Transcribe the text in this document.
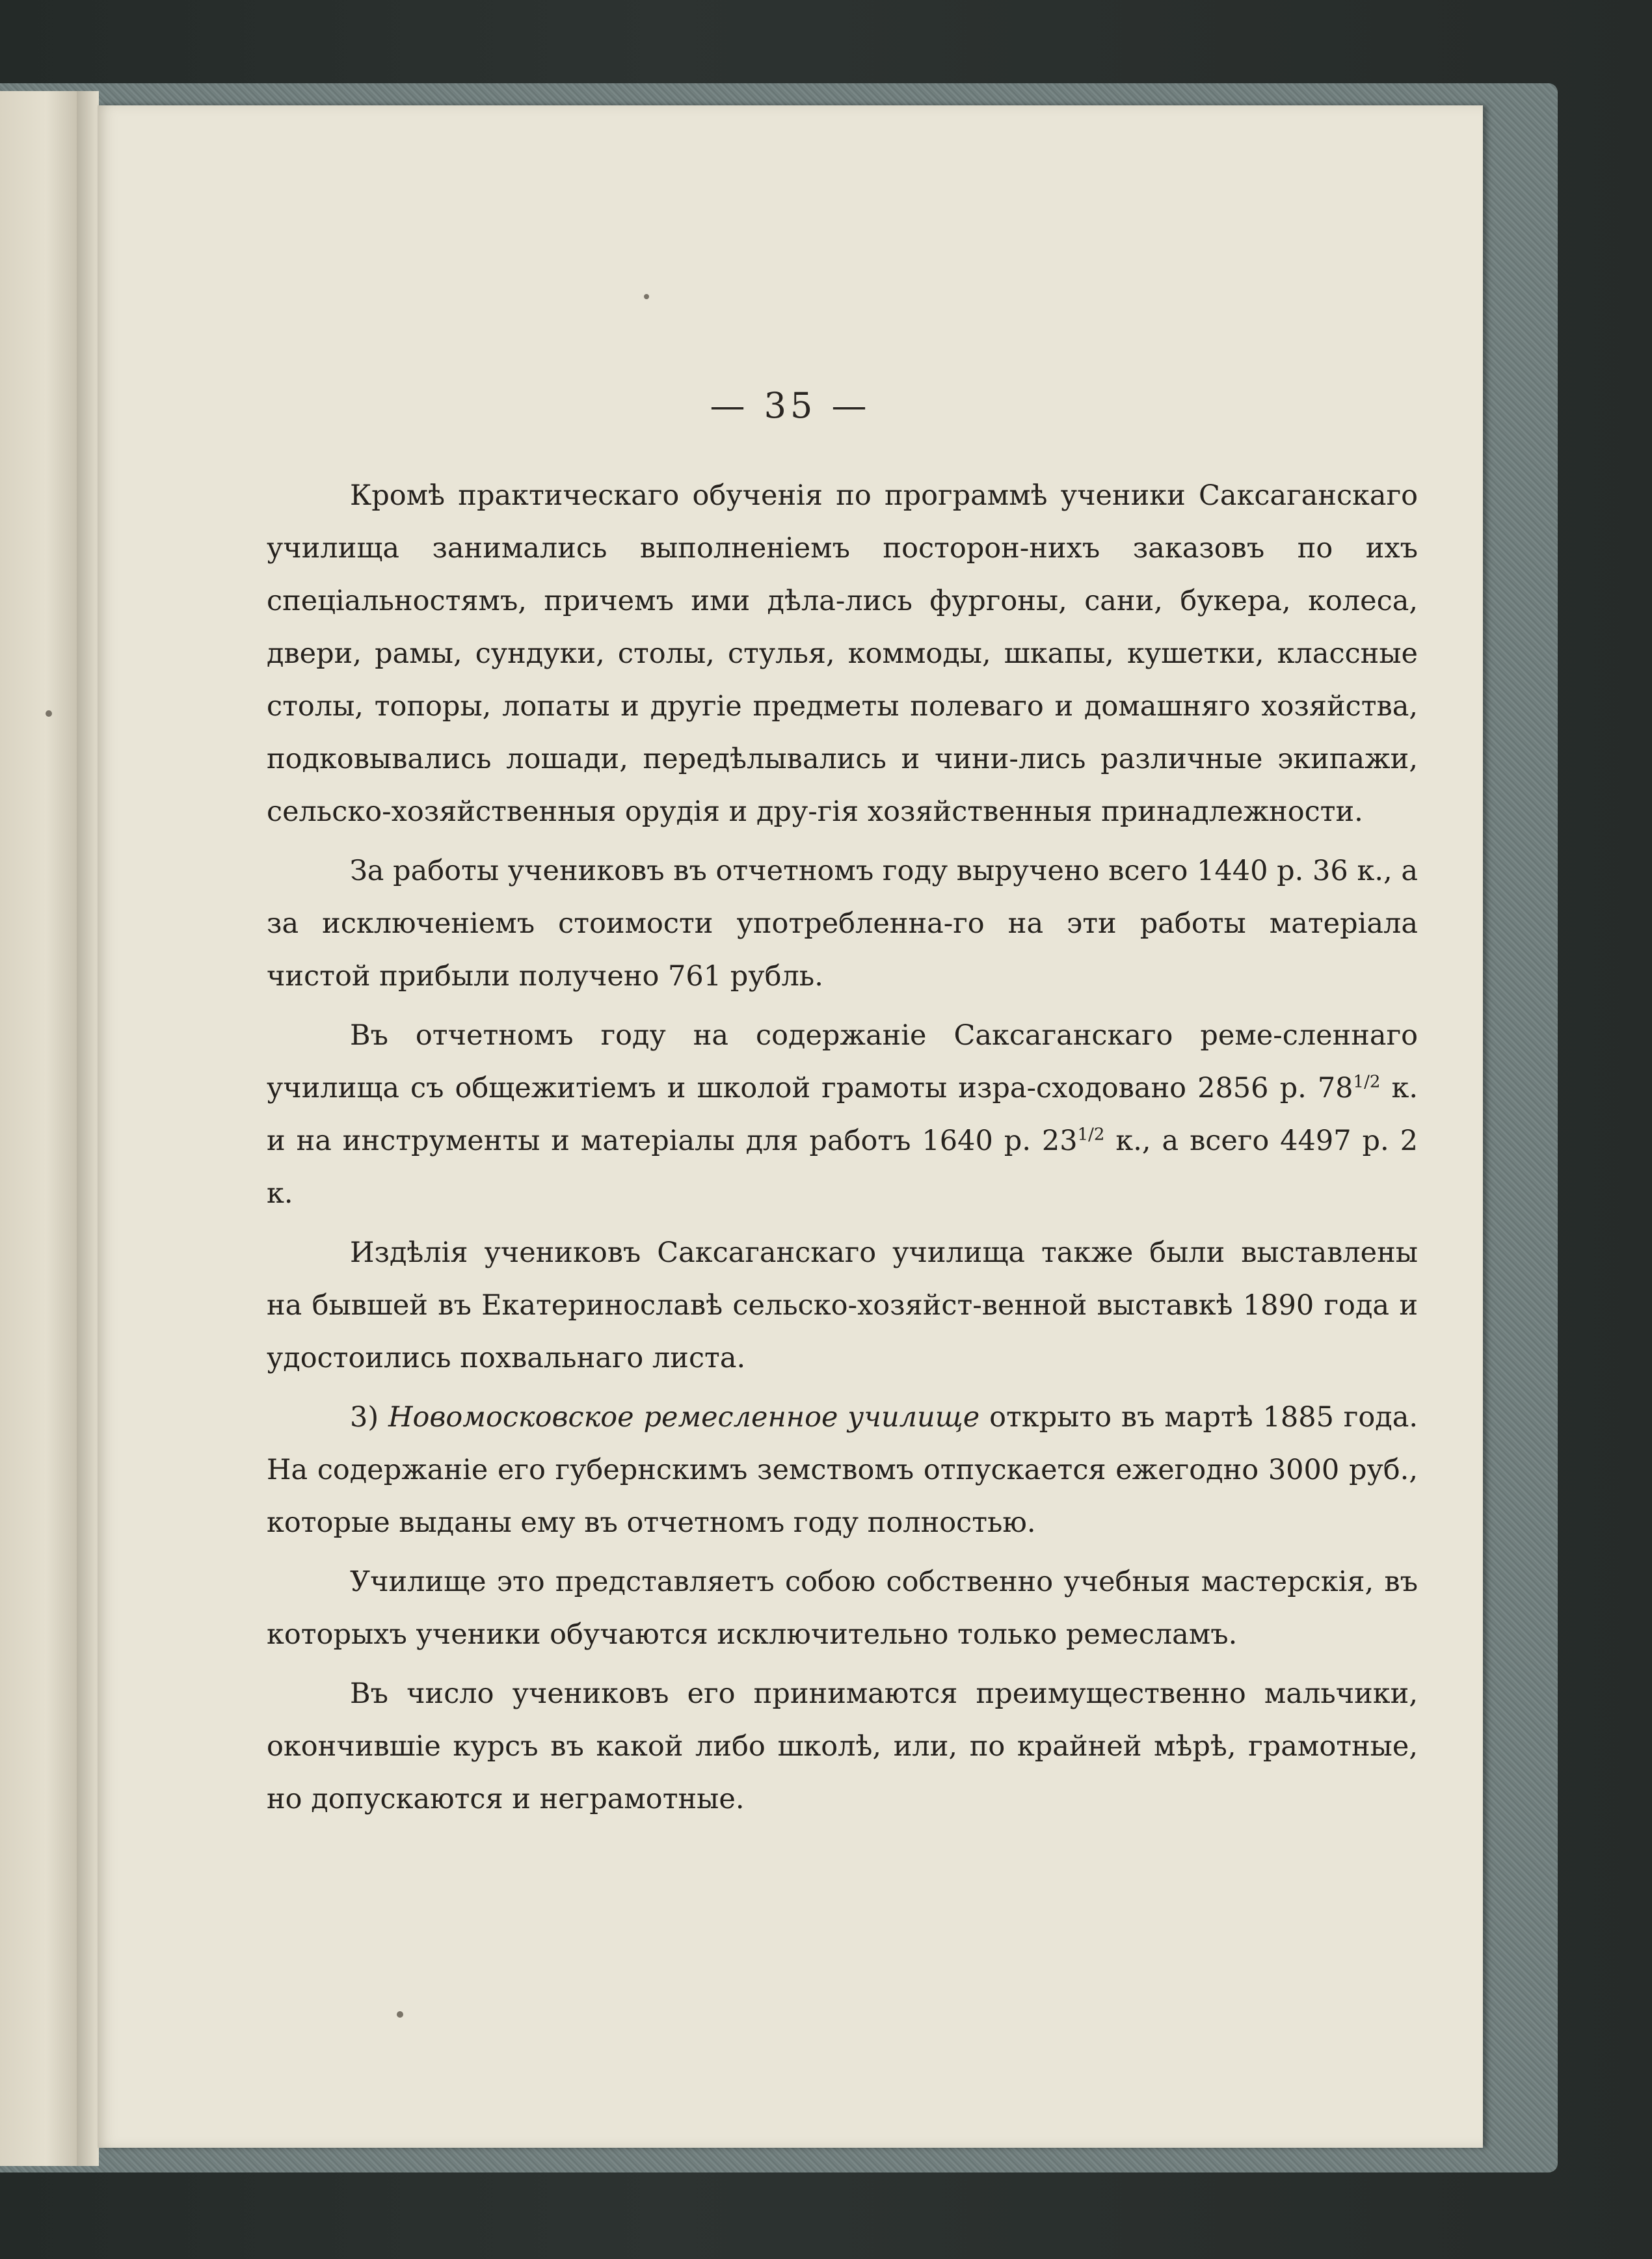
— 35 —

Кромѣ практическаго обученія по программѣ ученики Саксаганскаго училища занимались выполненіемъ посторон-нихъ заказовъ по ихъ спеціальностямъ, причемъ ими дѣла-лись фургоны, сани, букера, колеса, двери, рамы, сундуки, столы, стулья, коммоды, шкапы, кушетки, классные столы, топоры, лопаты и другіе предметы полеваго и домашняго хозяйства, подковывались лошади, передѣлывались и чини-лись различные экипажи, сельско-хозяйственныя орудія и дру-гія хозяйственныя принадлежности.

За работы учениковъ въ отчетномъ году выручено всего 1440 р. 36 к., а за исключеніемъ стоимости употребленна-го на эти работы матеріала чистой прибыли получено 761 рубль.

Въ отчетномъ году на содержаніе Саксаганскаго реме-сленнаго училища съ общежитіемъ и школой грамоты изра-сходовано 2856 р. $78^{1/2}$ к. и на инструменты и матеріалы для работъ 1640 р. $23^{1/2}$ к., а всего 4497 р. 2 к.

Издѣлія учениковъ Саксаганскаго училища также были выставлены на бывшей въ Екатеринославѣ сельско-хозяйст-венной выставкѣ 1890 года и удостоились похвальнаго листа.

3) Новомосковское ремесленное училище открыто въ мартѣ 1885 года. На содержаніе его губернскимъ земствомъ отпускается ежегодно 3000 руб., которые выданы ему въ отчетномъ году полностью.

Училище это представляетъ собою собственно учебныя мастерскія, въ которыхъ ученики обучаются исключительно только ремесламъ.

Въ число учениковъ его принимаются преимущественно мальчики, окончившіе курсъ въ какой либо школѣ, или, по крайней мѣрѣ, грамотные, но допускаются и неграмотные.
